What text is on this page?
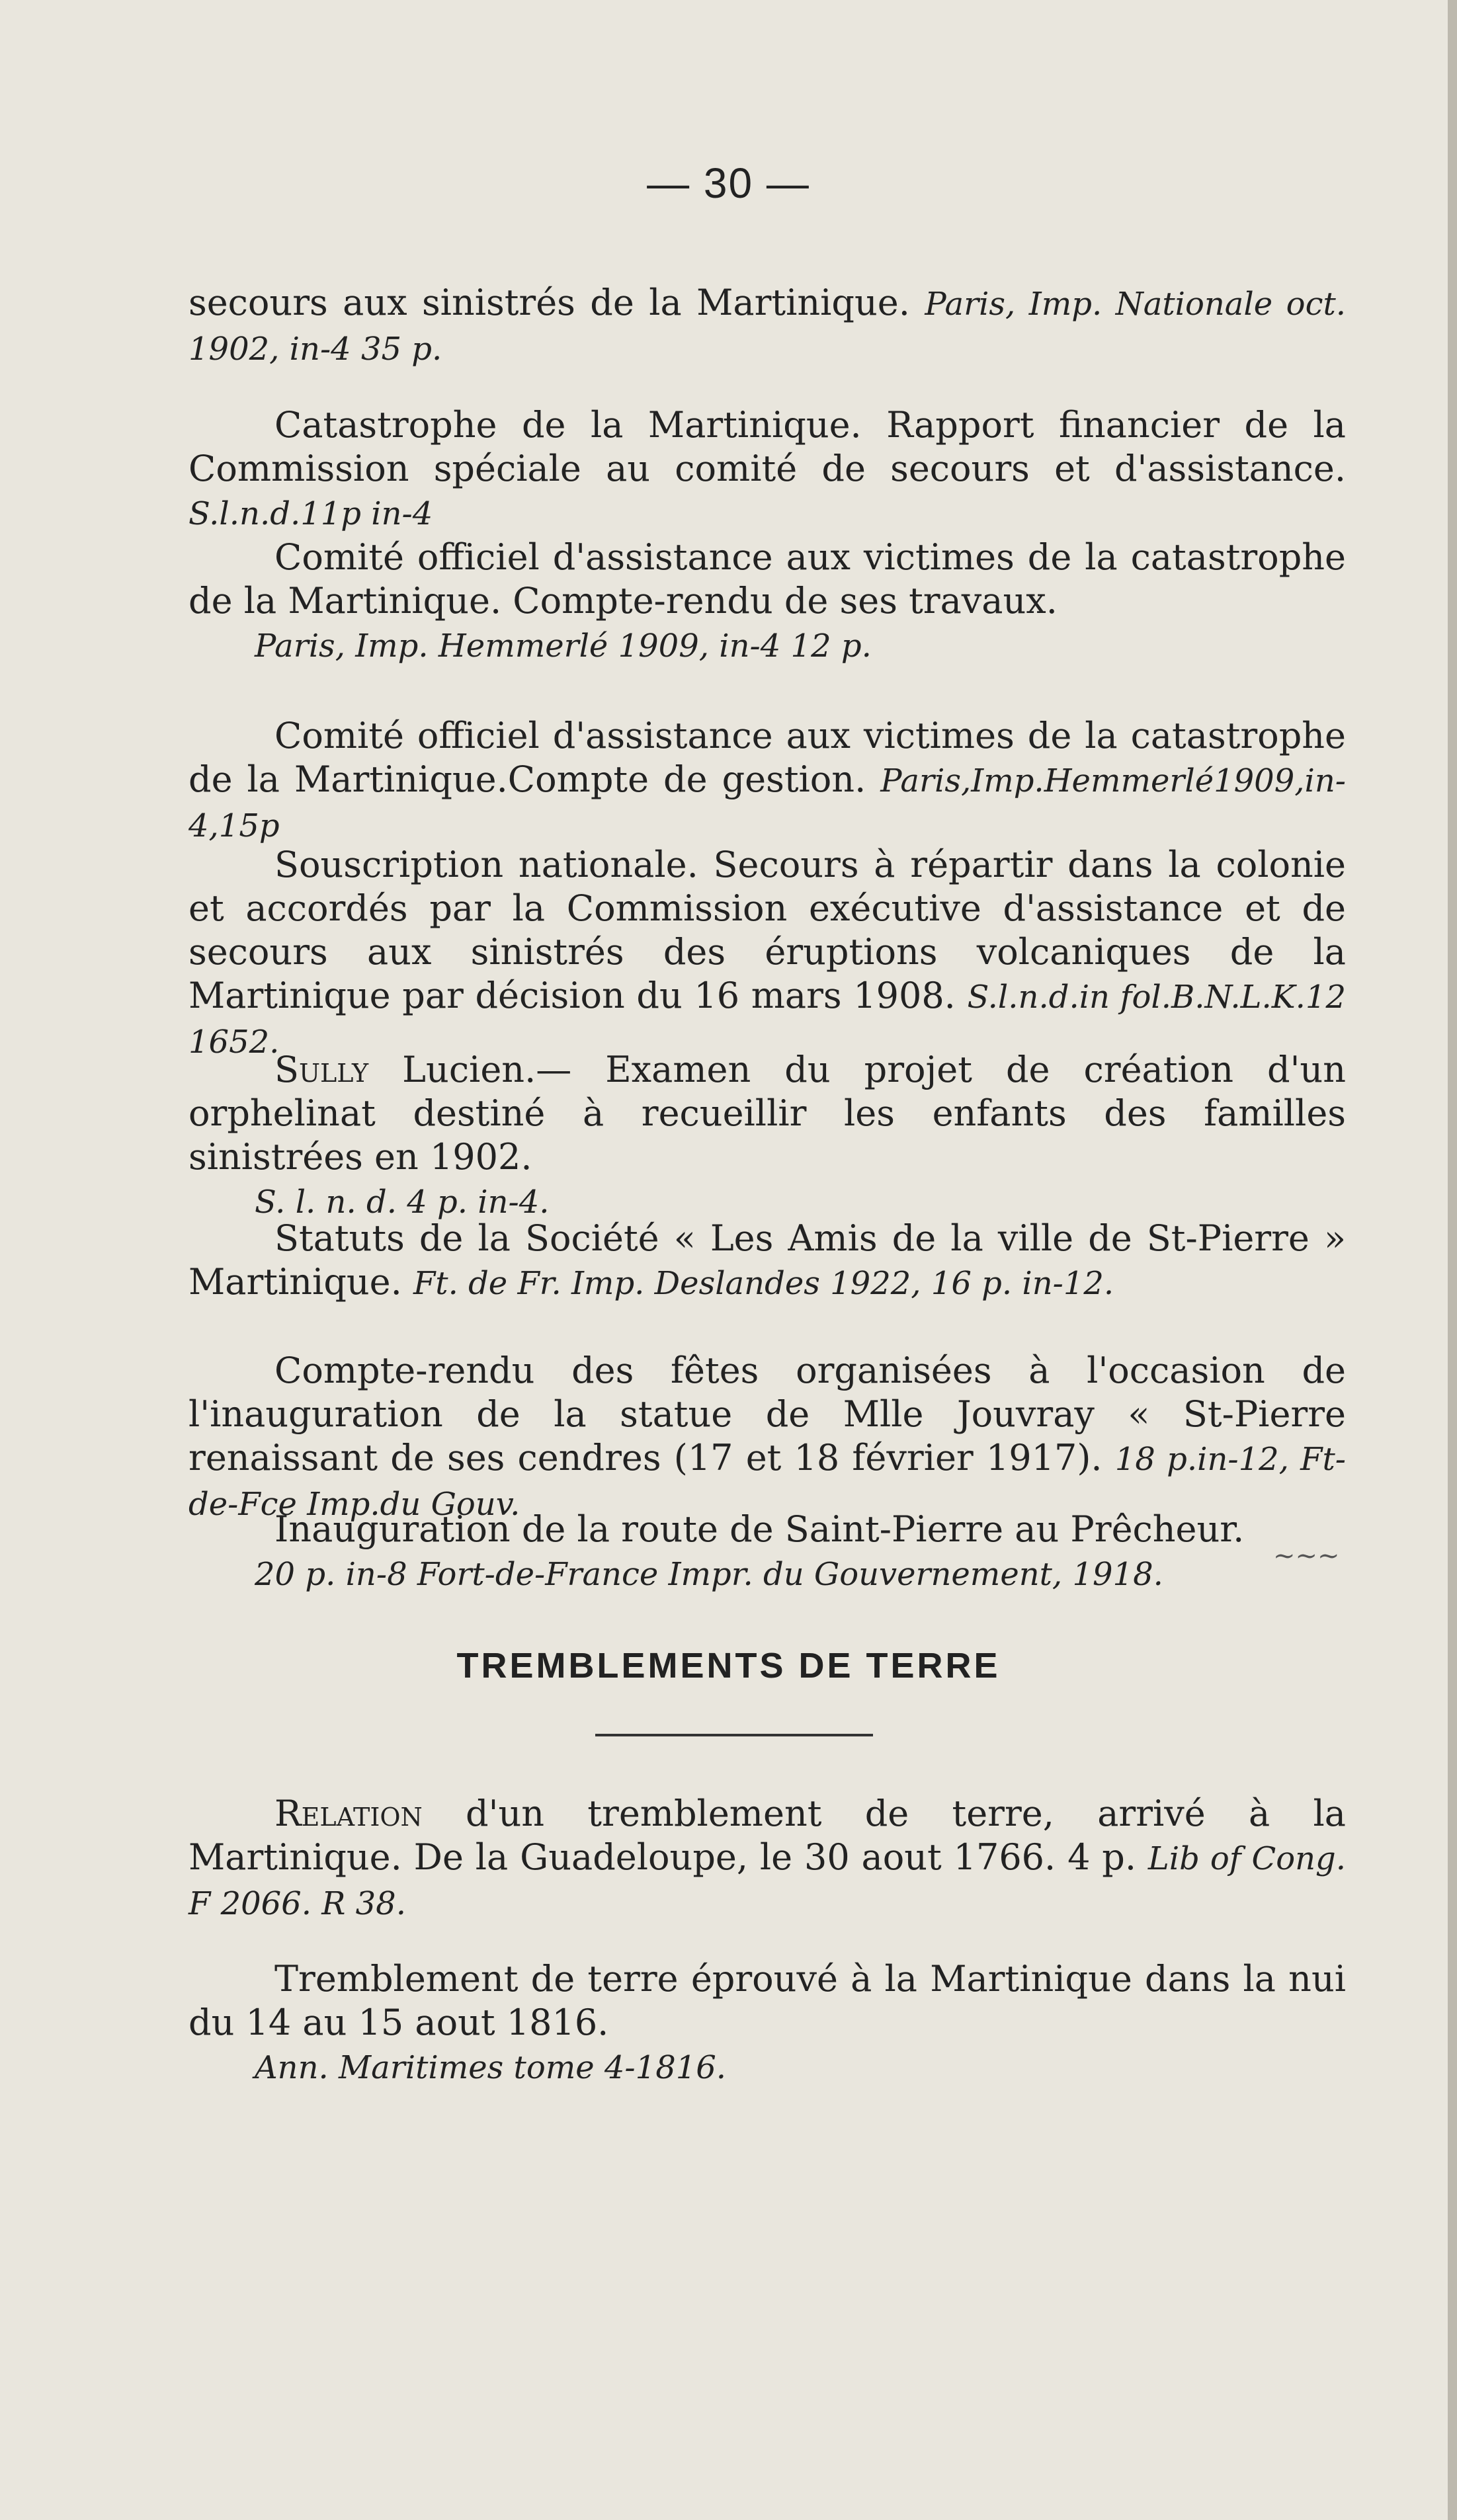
— 30 —

secours aux sinistrés de la Martinique. Paris, Imp. Nationale oct. 1902, in-4 35 p.

Catastrophe de la Martinique. Rapport financier de la Commission spéciale au comité de secours et d'assistance. S.l.n.d.11p in-4

Comité officiel d'assistance aux victimes de la catastrophe de la Martinique. Compte-rendu de ses travaux.

Paris, Imp. Hemmerlé 1909, in-4 12 p.

Comité officiel d'assistance aux victimes de la catastrophe de la Martinique.Compte de gestion. Paris,Imp.Hemmerlé1909,in-4,15p

Souscription nationale. Secours à répartir dans la colonie et accordés par la Commission exécutive d'assistance et de secours aux sinistrés des éruptions volcaniques de la Martinique par décision du 16 mars 1908. S.l.n.d.in fol.B.N.L.K.12 1652.

Sully Lucien.— Examen du projet de création d'un orphelinat destiné à recueillir les enfants des familles sinistrées en 1902.

S. l. n. d. 4 p. in-4.

Statuts de la Société « Les Amis de la ville de St-Pierre » Martinique. Ft. de Fr. Imp. Deslandes 1922, 16 p. in-12.

Compte-rendu des fêtes organisées à l'occasion de l'inauguration de la statue de Mlle Jouvray « St-Pierre renaissant de ses cendres (17 et 18 février 1917). 18 p.in-12, Ft-de-Fce Imp.du Gouv.

Inauguration de la route de Saint-Pierre au Prêcheur.

20 p. in-8 Fort-de-France Impr. du Gouvernement, 1918.	~~~
TREMBLEMENTS DE TERRE

Relation d'un tremblement de terre, arrivé à la Martinique. De la Guadeloupe, le 30 aout 1766. 4 p. Lib of Cong. F 2066. R 38.

Tremblement de terre éprouvé à la Martinique dans la nui du 14 au 15 aout 1816.

Ann. Maritimes tome 4-1816.
